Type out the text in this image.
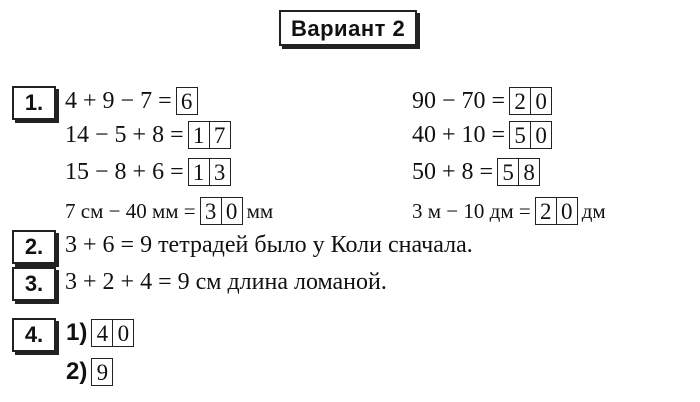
Вариант 2
1. 4 + 9 − 7 = 6
14 − 5 + 8 = 1 7
15 − 8 + 6 = 1 3
7 см − 40 мм = 3 0 мм
90 − 70 = 2 0
40 + 10 = 5 0
50 + 8 = 5 8
3 м − 10 дм = 2 0 дм
2. 3 + 6 = 9 тетрадей было у Коли сначала.
3. 3 + 2 + 4 = 9 см длина ломаной.
4. 1) 4 0
2) 9
